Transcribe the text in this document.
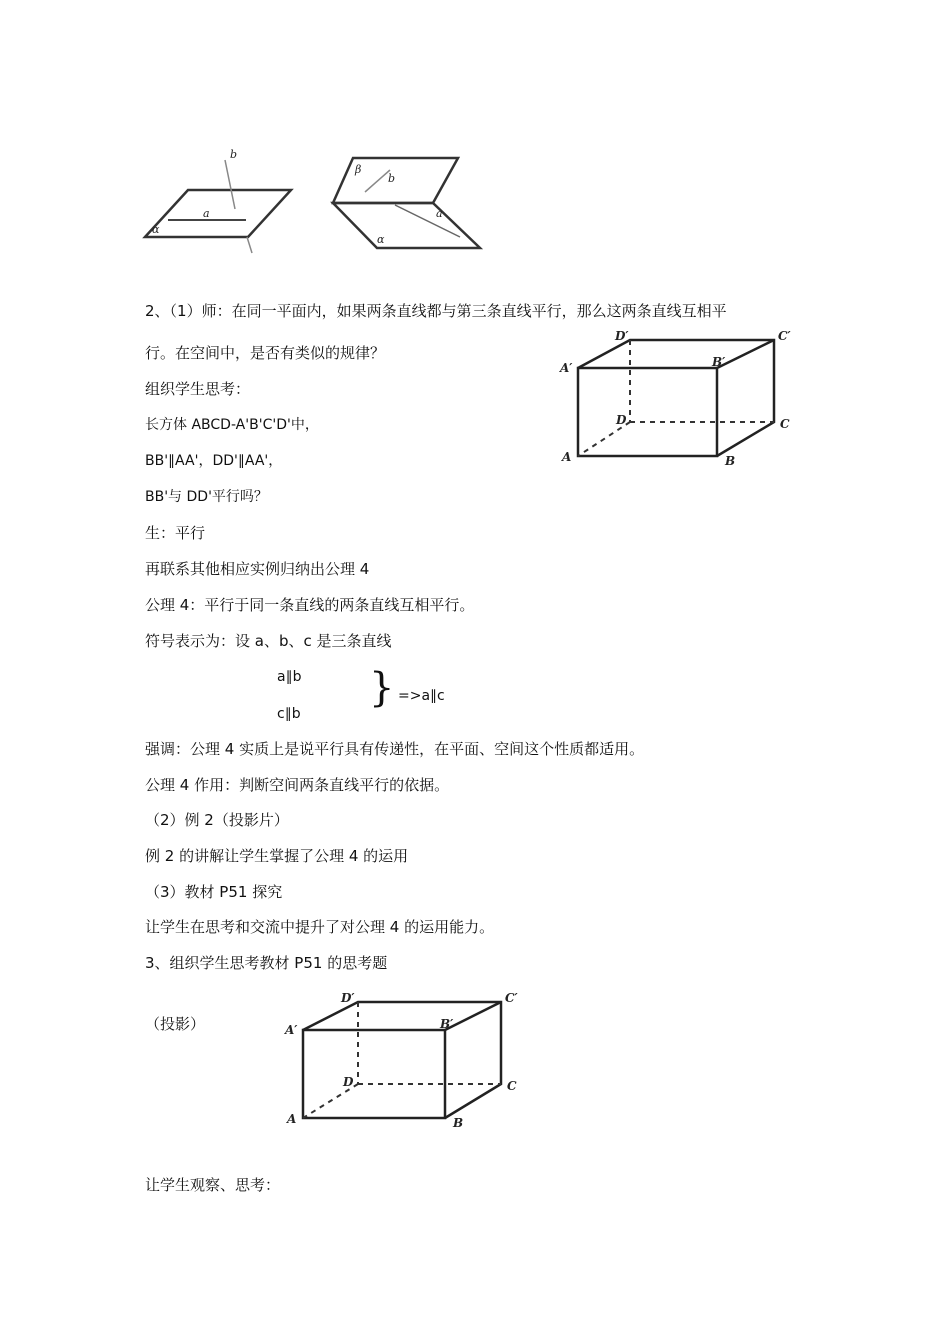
a
b
α
β
b
a
α
2、（1）师：在同一平面内，如果两条直线都与第三条直线平行，那么这两条直线互相平
行。在空间中，是否有类似的规律？
组织学生思考：
长方体 ABCD-A'B'C'D'中，
BB'∥AA'，DD'∥AA'，
BB'与 DD'平行吗？
生：平行
再联系其他相应实例归纳出公理 4
公理 4：平行于同一条直线的两条直线互相平行。
符号表示为：设 a、b、c 是三条直线
a∥b
c∥b
} =>a∥c
强调：公理 4 实质上是说平行具有传递性，在平面、空间这个性质都适用。
公理 4 作用：判断空间两条直线平行的依据。
（2）例 2（投影片）
例 2 的讲解让学生掌握了公理 4 的运用
（3）教材 P51 探究
让学生在思考和交流中提升了对公理 4 的运用能力。
3、组织学生思考教材 P51 的思考题
（投影）
让学生观察、思考：
D′	C′
A′	B′
D	C
A	B
D′	C′
A′	B′
D	C
A	B
